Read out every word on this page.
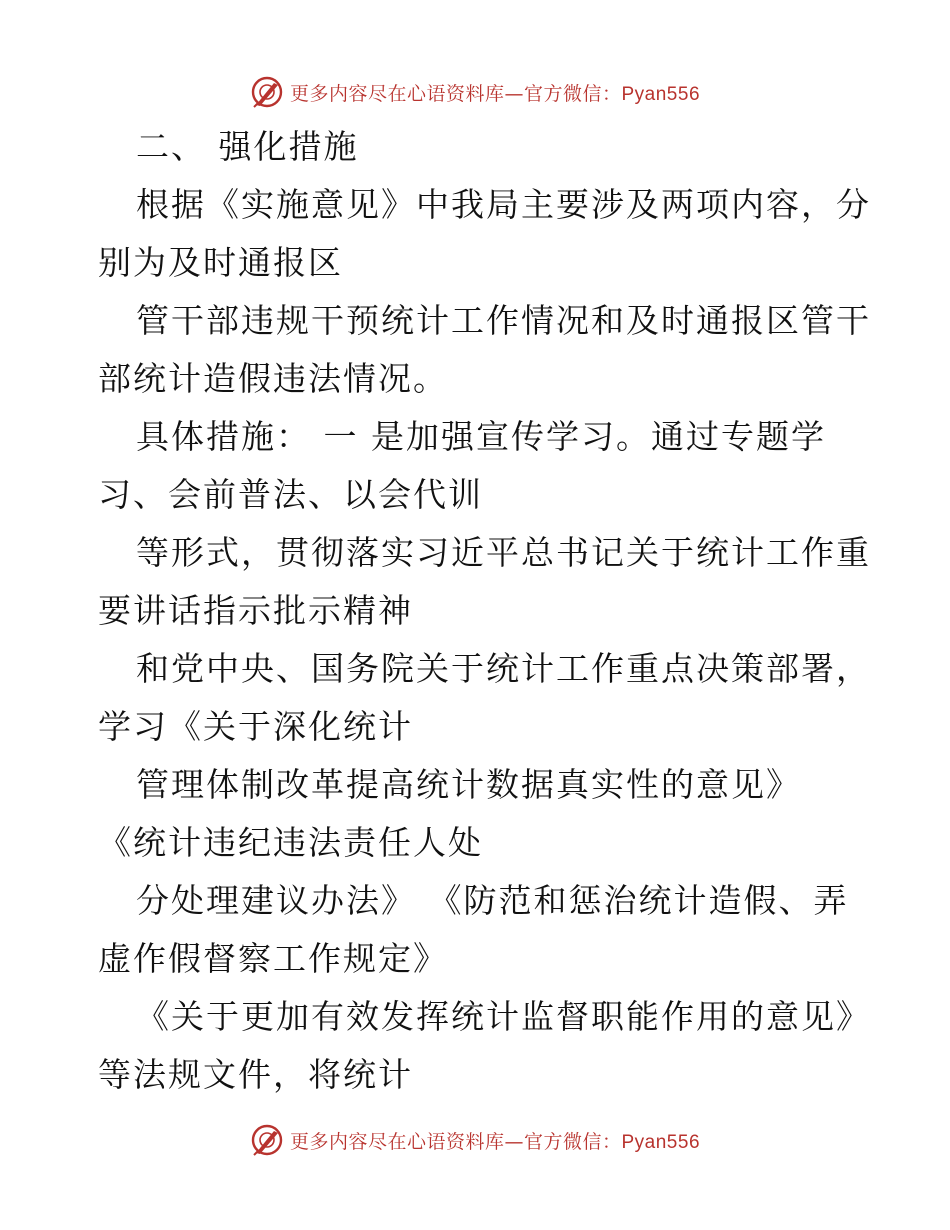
更多内容尽在心语资料库—官方微信：Pyan556
二、 强化措施
根据《实施意见》中我局主要涉及两项内容，分
别为及时通报区
管干部违规干预统计工作情况和及时通报区管干
部统计造假违法情况。
具体措施： 一 是加强宣传学习。通过专题学
习、会前普法、以会代训
等形式，贯彻落实习近平总书记关于统计工作重
要讲话指示批示精神
和党中央、国务院关于统计工作重点决策部署，
学习《关于深化统计
管理体制改革提高统计数据真实性的意见》
《统计违纪违法责任人处
分处理建议办法》 《防范和惩治统计造假、弄
虚作假督察工作规定》
《关于更加有效发挥统计监督职能作用的意见》
等法规文件，将统计
更多内容尽在心语资料库—官方微信：Pyan556
